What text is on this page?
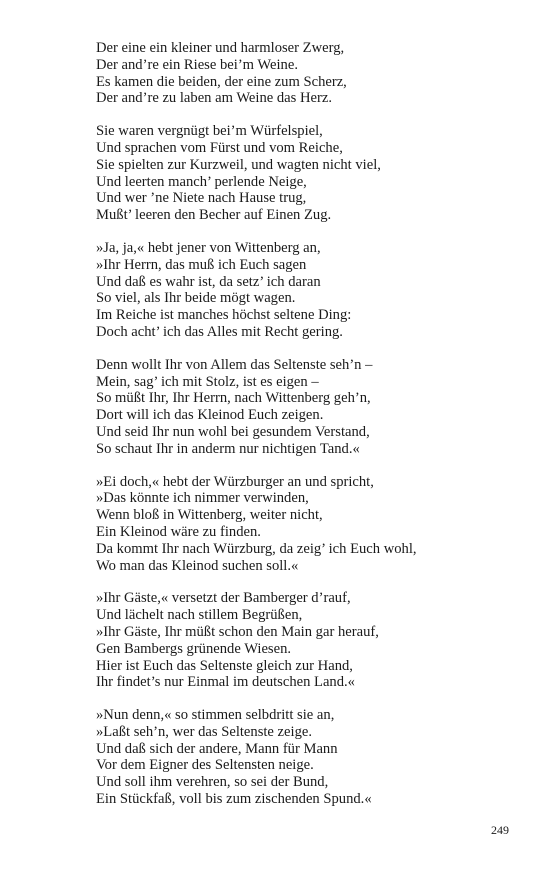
Der eine ein kleiner und harmloser Zwerg,
Der and’re ein Riese bei’m Weine.
Es kamen die beiden, der eine zum Scherz,
Der and’re zu laben am Weine das Herz.
Sie waren vergnügt bei’m Würfelspiel,
Und sprachen vom Fürst und vom Reiche,
Sie spielten zur Kurzweil, und wagten nicht viel,
Und leerten manch’ perlende Neige,
Und wer ’ne Niete nach Hause trug,
Mußt’ leeren den Becher auf Einen Zug.
»Ja, ja,« hebt jener von Wittenberg an,
»Ihr Herrn, das muß ich Euch sagen
Und daß es wahr ist, da setz’ ich daran
So viel, als Ihr beide mögt wagen.
Im Reiche ist manches höchst seltene Ding:
Doch acht’ ich das Alles mit Recht gering.
Denn wollt Ihr von Allem das Seltenste seh’n –
Mein, sag’ ich mit Stolz, ist es eigen –
So müßt Ihr, Ihr Herrn, nach Wittenberg geh’n,
Dort will ich das Kleinod Euch zeigen.
Und seid Ihr nun wohl bei gesundem Verstand,
So schaut Ihr in anderm nur nichtigen Tand.«
»Ei doch,« hebt der Würzburger an und spricht,
»Das könnte ich nimmer verwinden,
Wenn bloß in Wittenberg, weiter nicht,
Ein Kleinod wäre zu finden.
Da kommt Ihr nach Würzburg, da zeig’ ich Euch wohl,
Wo man das Kleinod suchen soll.«
»Ihr Gäste,« versetzt der Bamberger d’rauf,
Und lächelt nach stillem Begrüßen,
»Ihr Gäste, Ihr müßt schon den Main gar herauf,
Gen Bambergs grünende Wiesen.
Hier ist Euch das Seltenste gleich zur Hand,
Ihr findet’s nur Einmal im deutschen Land.«
»Nun denn,« so stimmen selbdritt sie an,
»Laßt seh’n, wer das Seltenste zeige.
Und daß sich der andere, Mann für Mann
Vor dem Eigner des Seltensten neige.
Und soll ihm verehren, so sei der Bund,
Ein Stückfaß, voll bis zum zischenden Spund.«
249
